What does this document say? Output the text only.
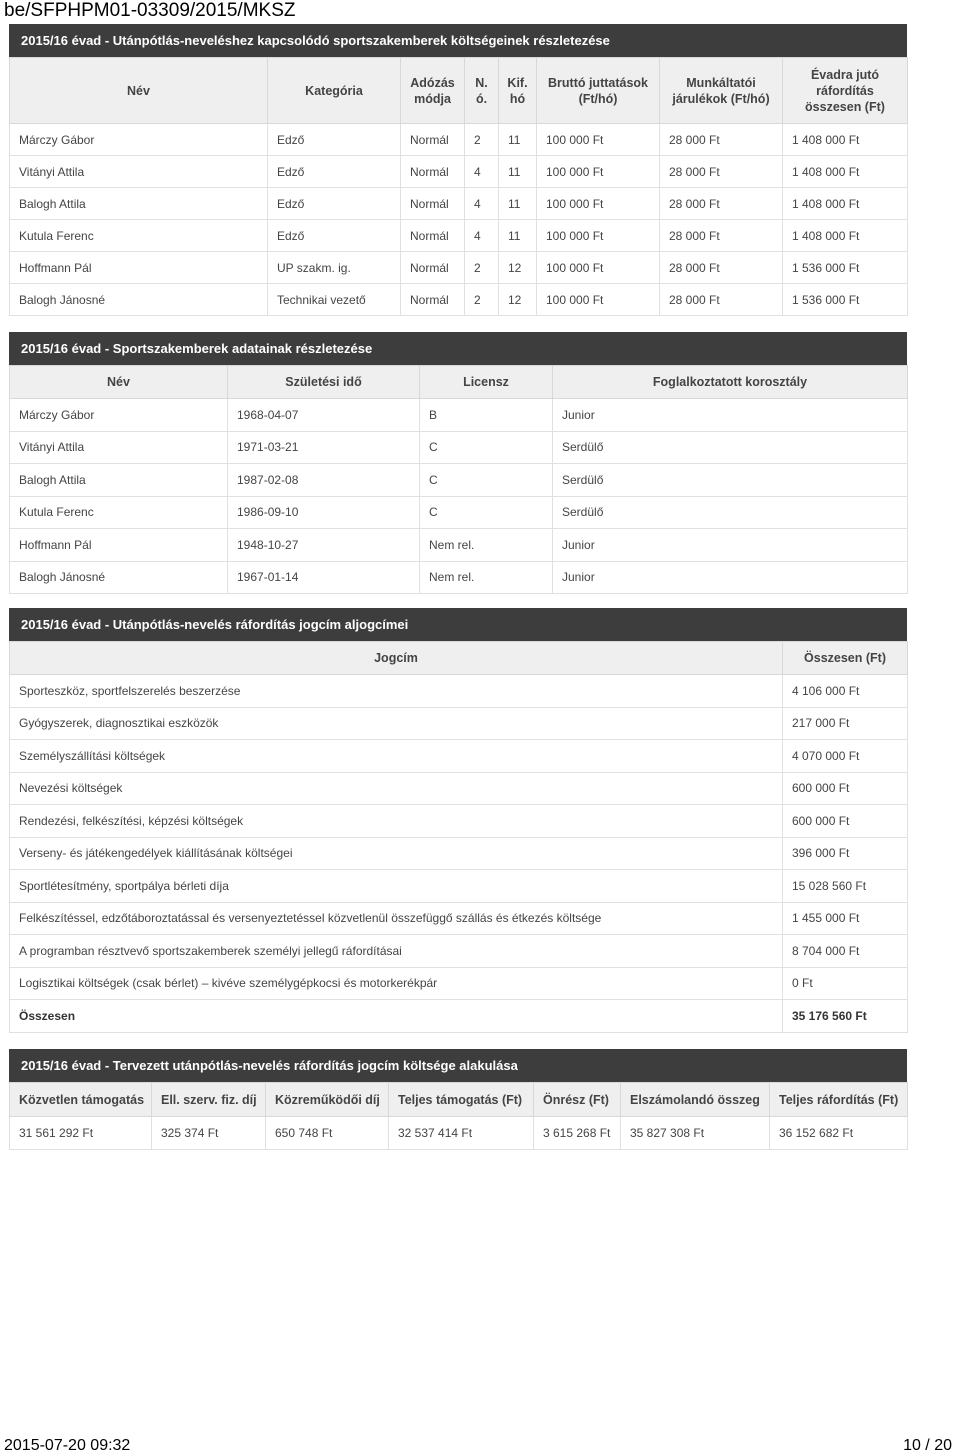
be/SFPHPM01-03309/2015/MKSZ
2015/16 évad - Utánpótlás-neveléshez kapcsolódó sportszakemberek költségeinek részletezése
Név	Kategória	Adózás módja	N. ó.	Kif. hó	Bruttó juttatások (Ft/hó)	Munkáltatói járulékok (Ft/hó)	Évadra jutó ráfordítás összesen (Ft)
Márczy Gábor	Edző	Normál	2	11	100 000 Ft	28 000 Ft	1 408 000 Ft
Vitányi Attila	Edző	Normál	4	11	100 000 Ft	28 000 Ft	1 408 000 Ft
Balogh Attila	Edző	Normál	4	11	100 000 Ft	28 000 Ft	1 408 000 Ft
Kutula Ferenc	Edző	Normál	4	11	100 000 Ft	28 000 Ft	1 408 000 Ft
Hoffmann Pál	UP szakm. ig.	Normál	2	12	100 000 Ft	28 000 Ft	1 536 000 Ft
Balogh Jánosné	Technikai vezető	Normál	2	12	100 000 Ft	28 000 Ft	1 536 000 Ft
2015/16 évad - Sportszakemberek adatainak részletezése
Név	Születési idő	Licensz	Foglalkoztatott korosztály
Márczy Gábor	1968-04-07	B	Junior
Vitányi Attila	1971-03-21	C	Serdülő
Balogh Attila	1987-02-08	C	Serdülő
Kutula Ferenc	1986-09-10	C	Serdülő
Hoffmann Pál	1948-10-27	Nem rel.	Junior
Balogh Jánosné	1967-01-14	Nem rel.	Junior
2015/16 évad - Utánpótlás-nevelés ráfordítás jogcím aljogcímei
Jogcím	Összesen (Ft)
Sporteszköz, sportfelszerelés beszerzése	4 106 000 Ft
Gyógyszerek, diagnosztikai eszközök	217 000 Ft
Személyszállítási költségek	4 070 000 Ft
Nevezési költségek	600 000 Ft
Rendezési, felkészítési, képzési költségek	600 000 Ft
Verseny- és játékengedélyek kiállításának költségei	396 000 Ft
Sportlétesítmény, sportpálya bérleti díja	15 028 560 Ft
Felkészítéssel, edzőtáboroztatással és versenyeztetéssel közvetlenül összefüggő szállás és étkezés költsége	1 455 000 Ft
A programban résztvevő sportszakemberek személyi jellegű ráfordításai	8 704 000 Ft
Logisztikai költségek (csak bérlet) – kivéve személygépkocsi és motorkerékpár	0 Ft
Összesen	35 176 560 Ft
2015/16 évad - Tervezett utánpótlás-nevelés ráfordítás jogcím költsége alakulása
Közvetlen támogatás	Ell. szerv. fiz. díj	Közreműködői díj	Teljes támogatás (Ft)	Önrész (Ft)	Elszámolandó összeg	Teljes ráfordítás (Ft)
31 561 292 Ft	325 374 Ft	650 748 Ft	32 537 414 Ft	3 615 268 Ft	35 827 308 Ft	36 152 682 Ft
2015-07-20 09:32	10 / 20
